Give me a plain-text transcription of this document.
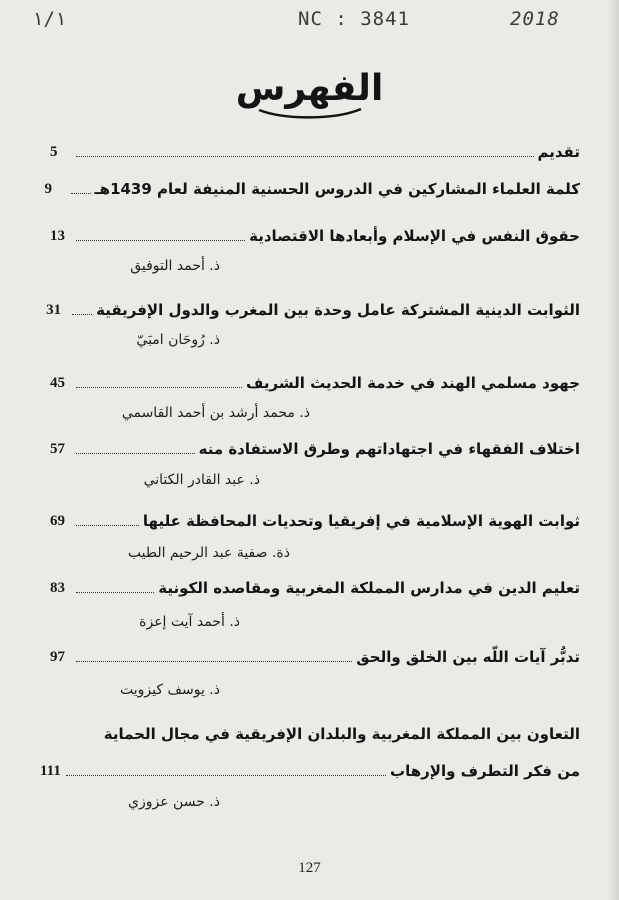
١/١	NC : 3841	2018
الفهرس
تقديم
5
كلمة العلماء المشاركين في الدروس الحسنية المنيفة لعام 1439هـ
9
حقوق النفس في الإسلام وأبعادها الاقتصادية
13
ذ. أحمد التوفيق
الثوابت الدينية المشتركة عامل وحدة بين المغرب والدول الإفريقية
31
ذ. رُوحَان امبَيّ
جهود مسلمي الهند في خدمة الحديث الشريف
45
ذ. محمد أرشد بن أحمد القاسمي
اختلاف الفقهاء في اجتهاداتهم وطرق الاستفادة منه
57
ذ. عبد القادر الكتاني
ثوابت الهوية الإسلامية في إفريقيا وتحديات المحافظة عليها
69
ذة. صفية عبد الرحيم الطيب
تعليم الدين في مدارس المملكة المغربية ومقاصده الكونية
83
ذ. أحمد آيت إعزة
تدبُّر آيات اللّه بين الخلق والحق
97
ذ. يوسف كيزويت
التعاون بين المملكة المغربية والبلدان الإفريقية في مجال الحماية
من فكر التطرف والإرهاب
111
ذ. حسن عزوزي
127
